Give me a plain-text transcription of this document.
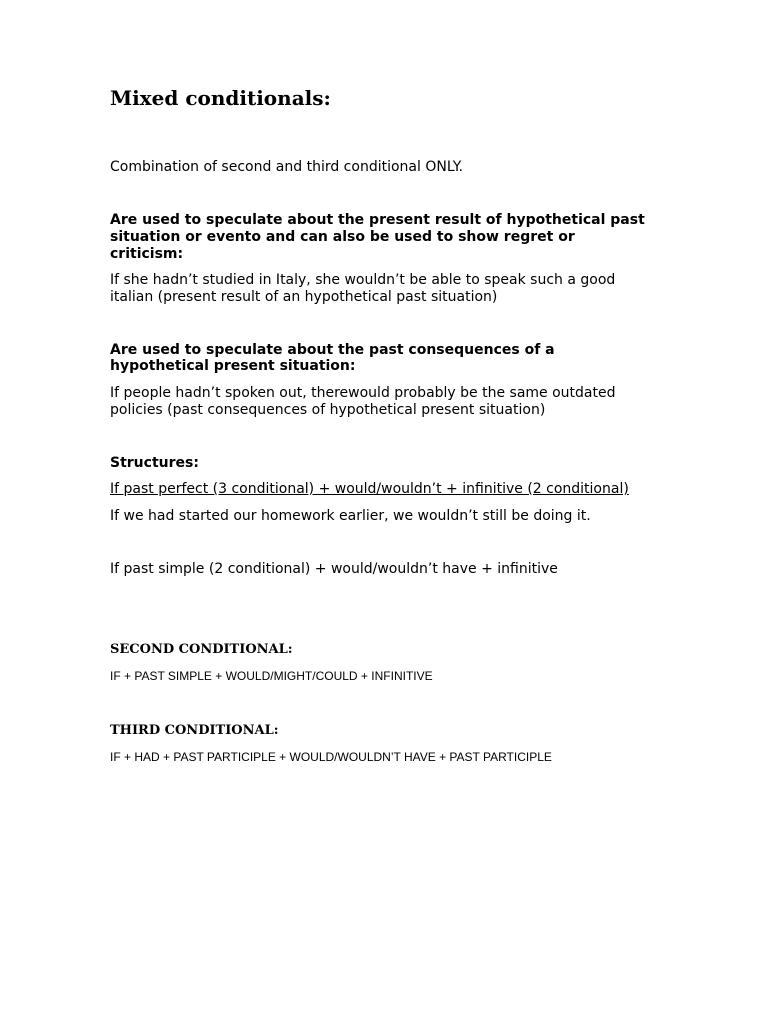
Mixed conditionals:

Combination of second and third conditional ONLY.

Are used to speculate about the present result of hypothetical past

situation or evento and can also be used to show regret or

criticism:

If she hadn’t studied in Italy, she wouldn’t be able to speak such a good

italian (present result of an hypothetical past situation)

Are used to speculate about the past consequences of a

hypothetical present situation:

If people hadn’t spoken out, therewould probably be the same outdated

policies (past consequences of hypothetical present situation)

Structures:

If past perfect (3 conditional) + would/wouldn’t + infinitive (2 conditional)

If we had started our homework earlier, we wouldn’t still be doing it.

If past simple (2 conditional) + would/wouldn’t have + infinitive

SECOND CONDITIONAL:

IF + PAST SIMPLE + WOULD/MIGHT/COULD + INFINITIVE

THIRD CONDITIONAL:

IF + HAD + PAST PARTICIPLE + WOULD/WOULDN’T HAVE + PAST PARTICIPLE
